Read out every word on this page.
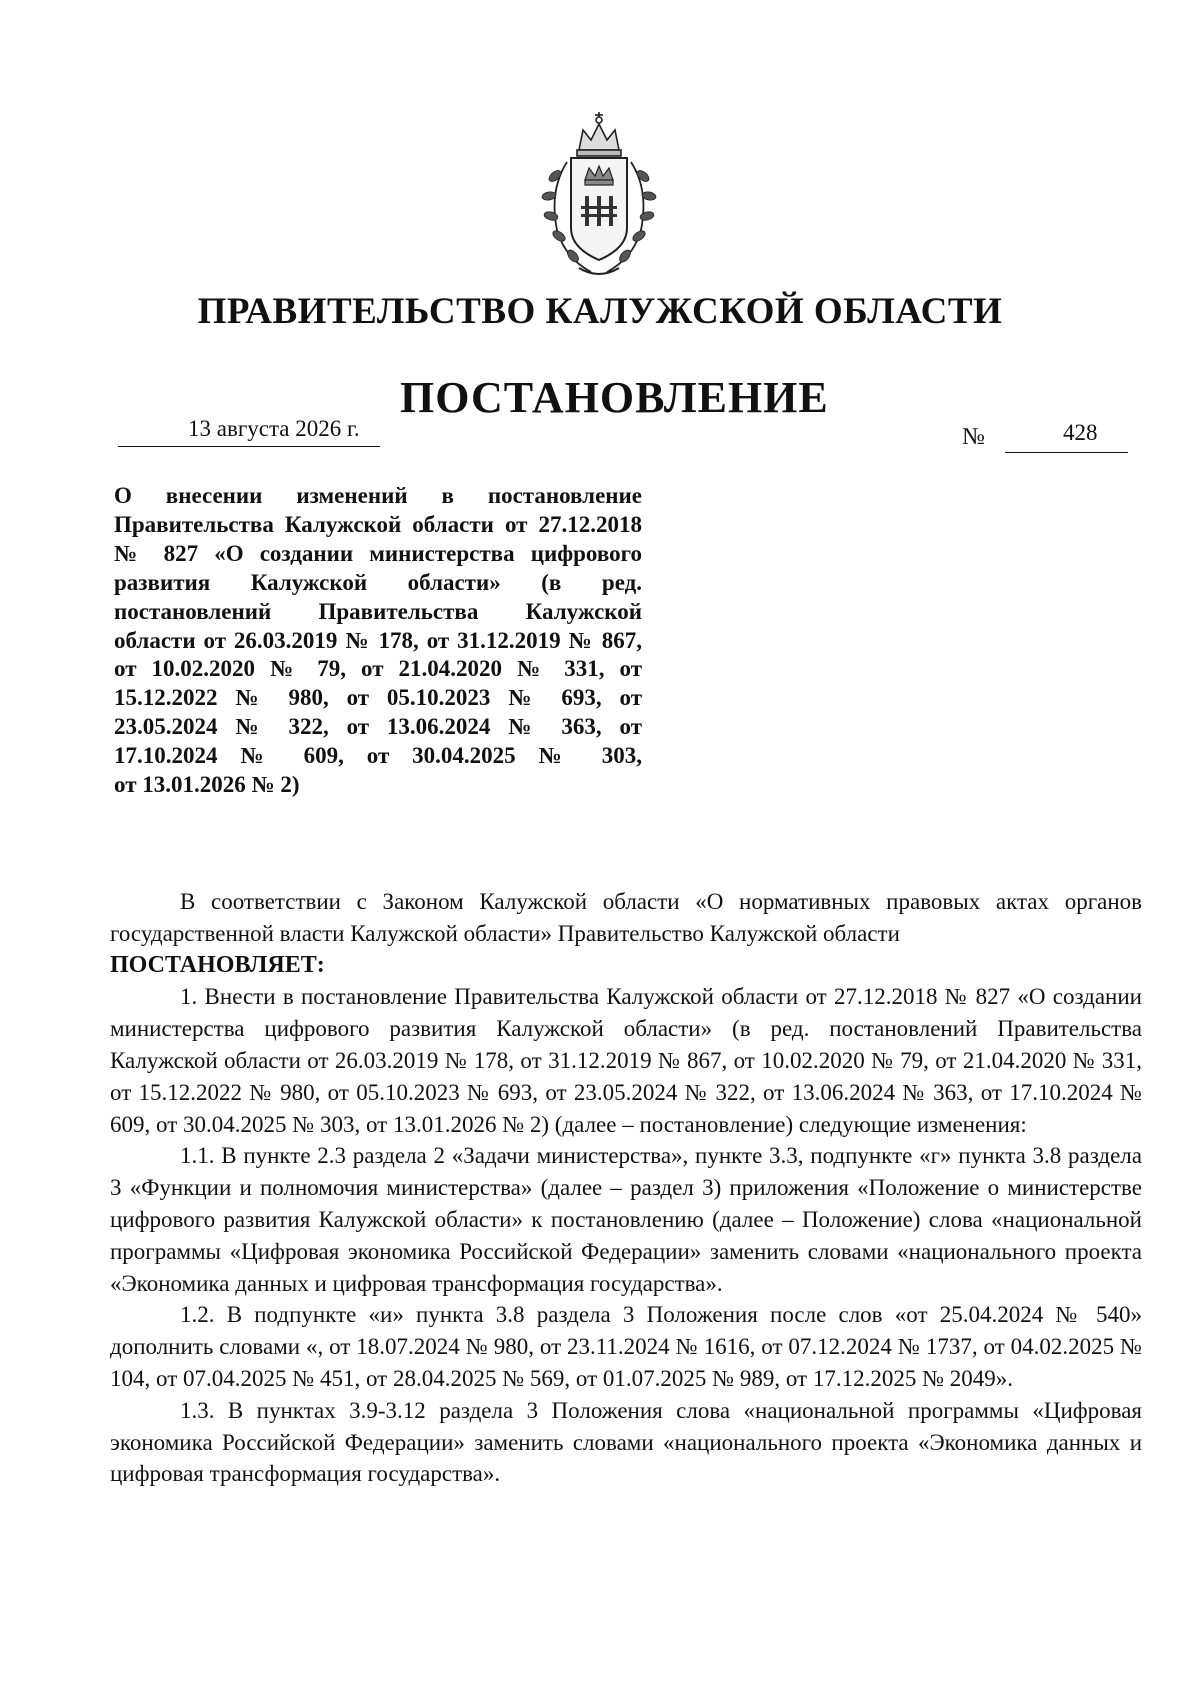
ПРАВИТЕЛЬСТВО КАЛУЖСКОЙ ОБЛАСТИ
ПОСТАНОВЛЕНИЕ
13 августа 2026 г.	№	428
О внесении изменений в постановление Правительства Калужской области от 27.12.2018 № 827 «О создании министерства цифрового развития Калужской области» (в ред. постановлений Правительства Калужской области от 26.03.2019 № 178, от 31.12.2019 № 867, от 10.02.2020 № 79, от 21.04.2020 № 331, от 15.12.2022 № 980, от 05.10.2023 № 693, от 23.05.2024 № 322, от 13.06.2024 № 363, от 17.10.2024 № 609, от 30.04.2025 № 303,
от 13.01.2026 № 2)

В соответствии с Законом Калужской области «О нормативных правовых актах органов государственной власти Калужской области» Правительство Калужской области

ПОСТАНОВЛЯЕТ:

1. Внести в постановление Правительства Калужской области от 27.12.2018 № 827 «О создании министерства цифрового развития Калужской области» (в ред. постановлений Правительства Калужской области от 26.03.2019 № 178, от 31.12.2019 № 867, от 10.02.2020 № 79, от 21.04.2020 № 331, от 15.12.2022 № 980, от 05.10.2023 № 693, от 23.05.2024 № 322, от 13.06.2024 № 363, от 17.10.2024 № 609, от 30.04.2025 № 303, от 13.01.2026 № 2) (далее – постановление) следующие изменения:

1.1. В пункте 2.3 раздела 2 «Задачи министерства», пункте 3.3, подпункте «г» пункта 3.8 раздела 3 «Функции и полномочия министерства» (далее – раздел 3) приложения «Положение о министерстве цифрового развития Калужской области» к постановлению (далее – Положение) слова «национальной программы «Цифровая экономика Российской Федерации» заменить словами «национального проекта «Экономика данных и цифровая трансформация государства».

1.2. В подпункте «и» пункта 3.8 раздела 3 Положения после слов «от 25.04.2024 № 540» дополнить словами «, от 18.07.2024 № 980, от 23.11.2024 № 1616, от 07.12.2024 № 1737, от 04.02.2025 № 104, от 07.04.2025 № 451, от 28.04.2025 № 569, от 01.07.2025 № 989, от 17.12.2025 № 2049».

1.3. В пунктах 3.9-3.12 раздела 3 Положения слова «национальной программы «Цифровая экономика Российской Федерации» заменить словами «национального проекта «Экономика данных и цифровая трансформация государства».
